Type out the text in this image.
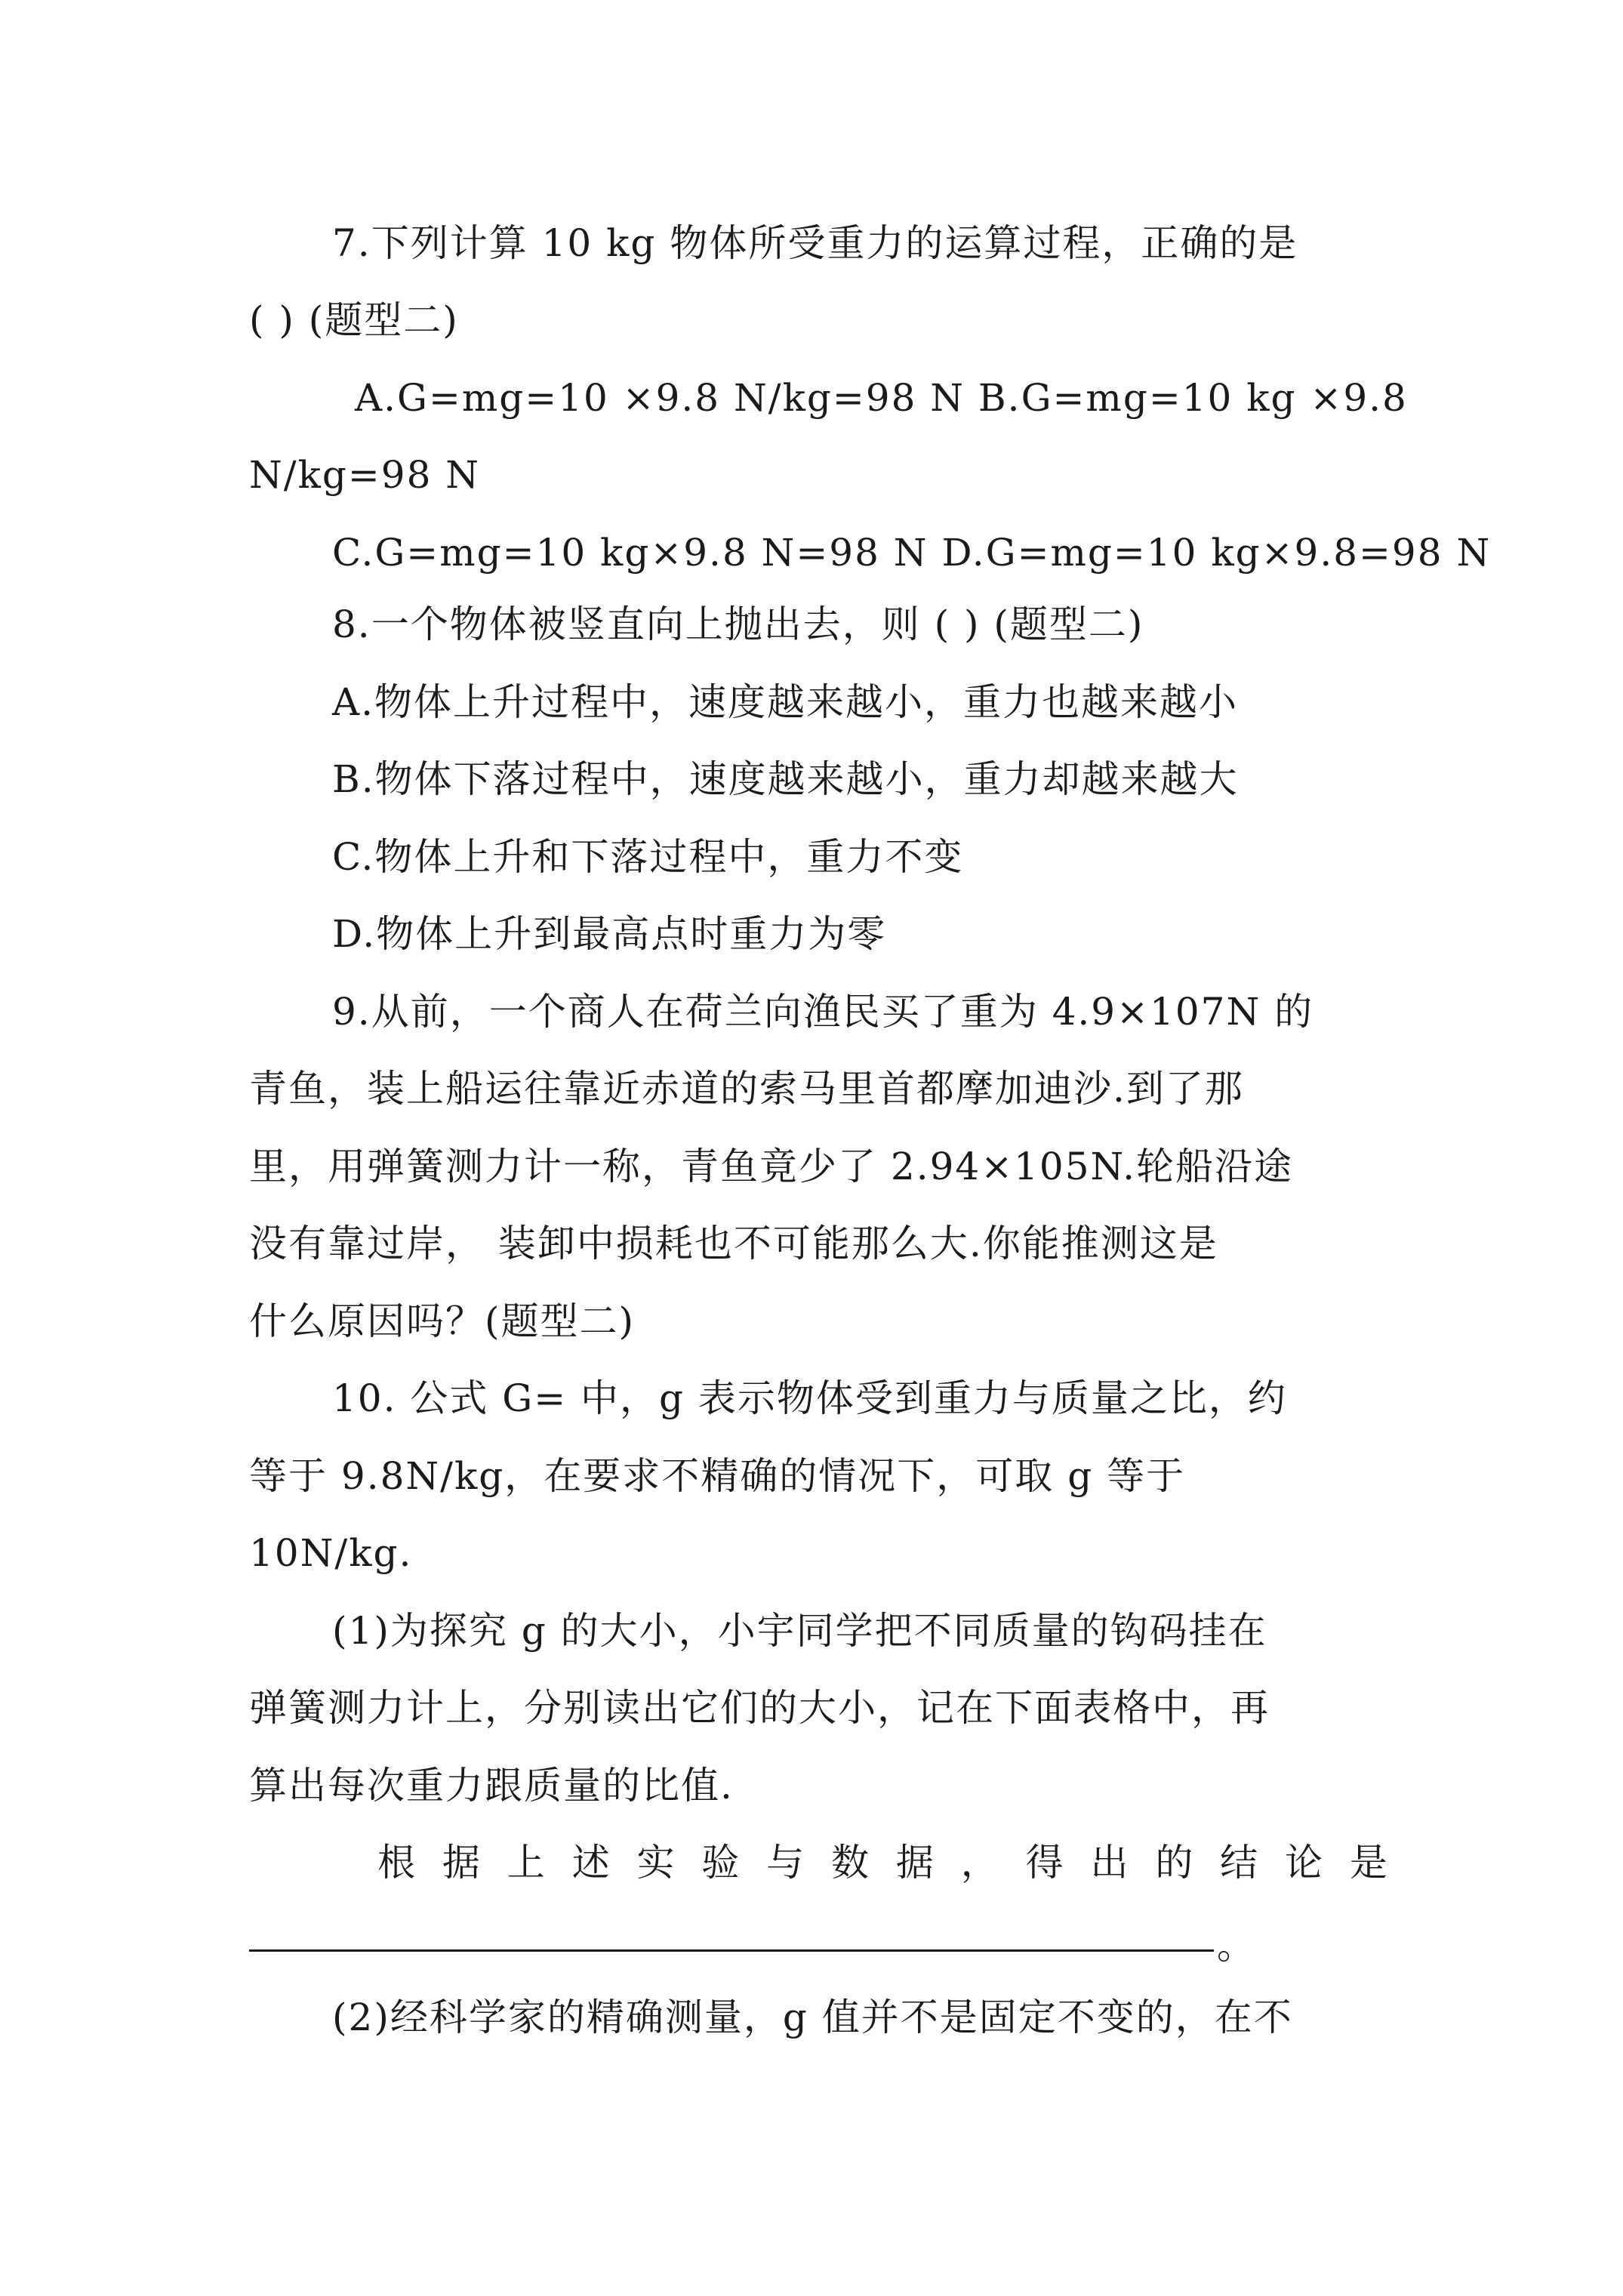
7.下列计算 10 kg 物体所受重力的运算过程，正确的是
( ) (题型二)
A.G=mg=10 ×9.8 N/kg=98 N B.G=mg=10 kg ×9.8
N/kg=98 N
C.G=mg=10 kg×9.8 N=98 N D.G=mg=10 kg×9.8=98 N
8.一个物体被竖直向上抛出去，则 ( ) (题型二)
A.物体上升过程中，速度越来越小，重力也越来越小
B.物体下落过程中，速度越来越小，重力却越来越大
C.物体上升和下落过程中，重力不变
D.物体上升到最高点时重力为零
9.从前，一个商人在荷兰向渔民买了重为 4.9×107N 的
青鱼，装上船运往靠近赤道的索马里首都摩加迪沙.到了那
里，用弹簧测力计一称，青鱼竟少了 2.94×105N.轮船沿途
没有靠过岸， 装卸中损耗也不可能那么大.你能推测这是
什么原因吗？(题型二)
10. 公式 G= 中，g 表示物体受到重力与质量之比，约
等于 9.8N/kg，在要求不精确的情况下，可取 g 等于
10N/kg.
(1)为探究 g 的大小，小宇同学把不同质量的钩码挂在
弹簧测力计上，分别读出它们的大小，记在下面表格中，再
算出每次重力跟质量的比值.
根 据 上 述 实 验 与 数 据 ， 得 出 的 结 论 是
。
(2)经科学家的精确测量，g 值并不是固定不变的，在不
